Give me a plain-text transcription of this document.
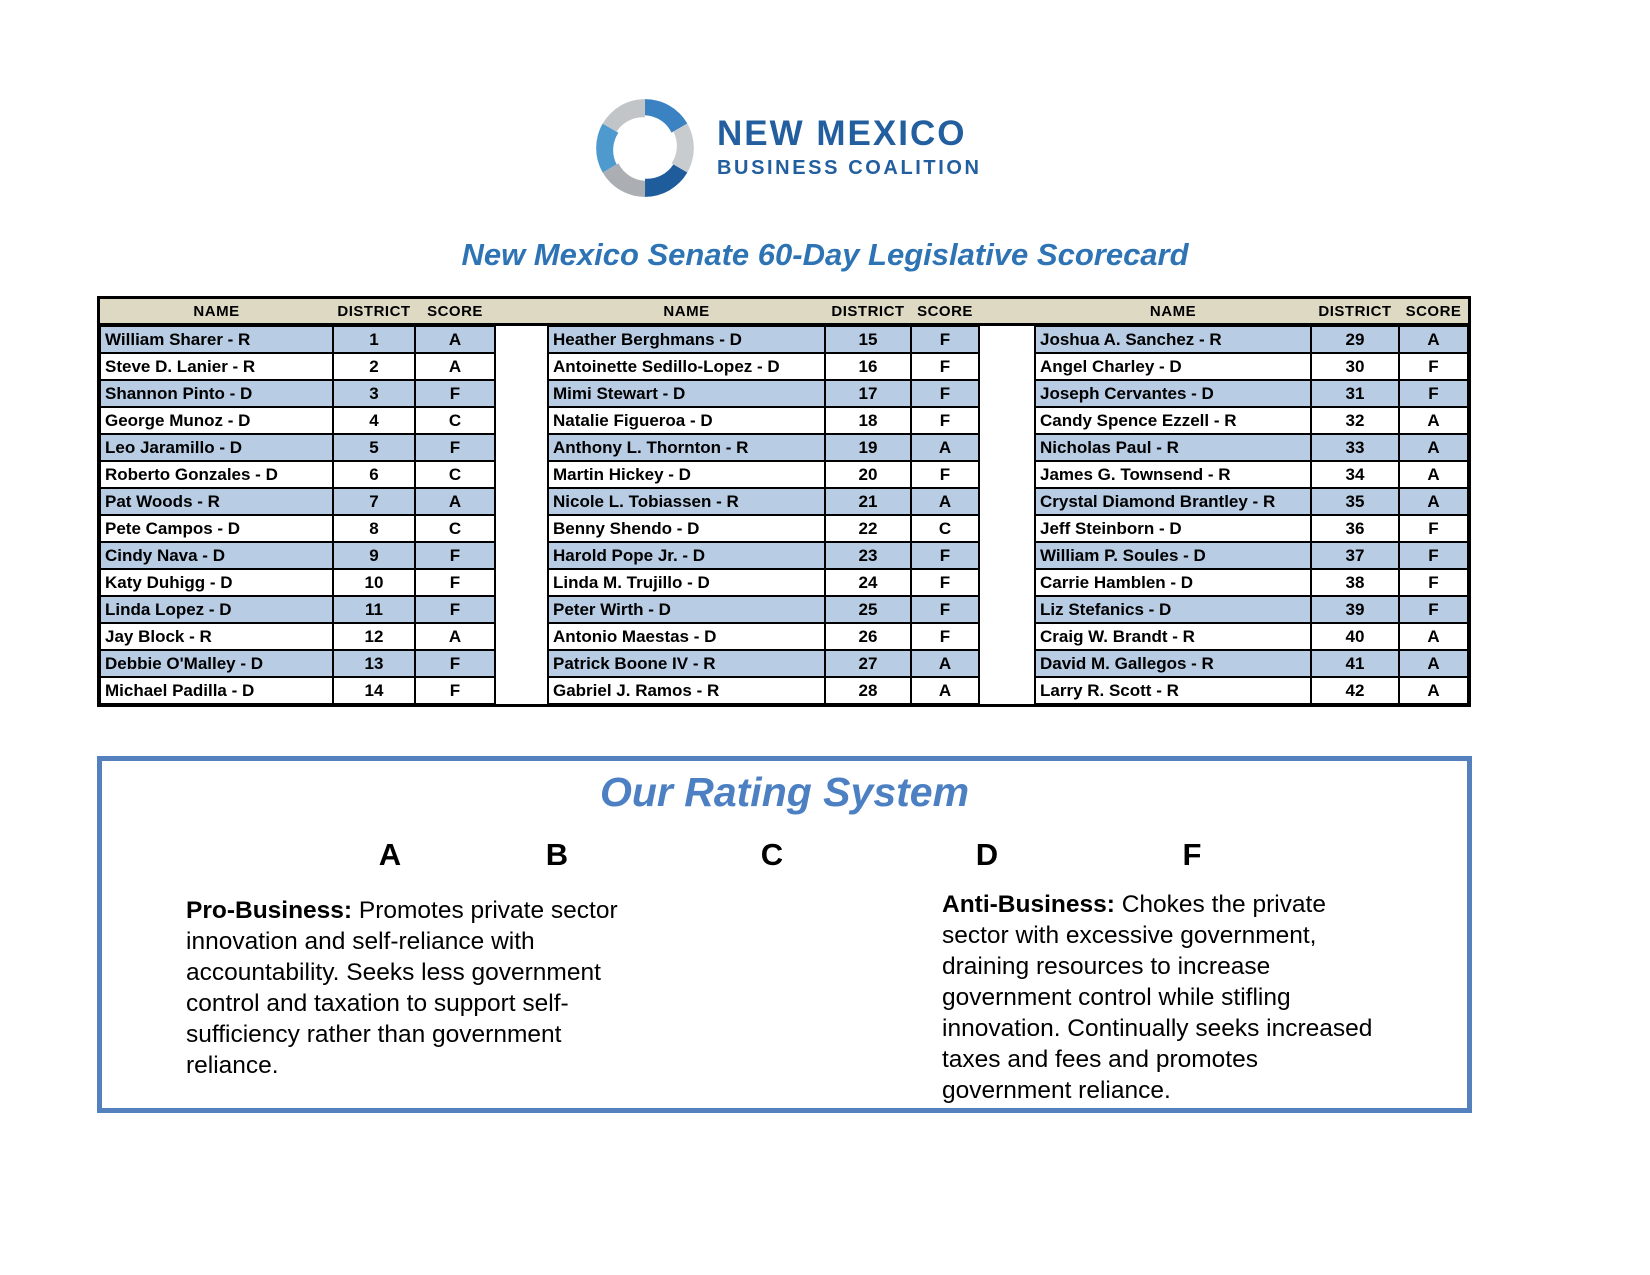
NEW MEXICO
BUSINESS COALITION
New Mexico Senate 60-Day Legislative Scorecard
NAME	DISTRICT	SCORE	NAME	DISTRICT SCORE	NAME	DISTRICT SCORE
William Sharer - R	1	A	Heather Berghmans - D	15	F	Joshua A. Sanchez - R	29	A
Steve D. Lanier - R	2	A	Antoinette Sedillo-Lopez - D	16	F	Angel Charley - D	30	F
Shannon Pinto - D	3	F	Mimi Stewart - D	17	F	Joseph Cervantes - D	31	F
George Munoz - D	4	C	Natalie Figueroa - D	18	F	Candy Spence Ezzell - R	32	A
Leo Jaramillo - D	5	F	Anthony L. Thornton - R	19	A	Nicholas Paul - R	33	A
Roberto Gonzales - D	6	C	Martin Hickey - D	20	F	James G. Townsend - R	34	A
Pat Woods - R	7	A	Nicole L. Tobiassen - R	21	A	Crystal Diamond Brantley - R	35	A
Pete Campos - D	8	C	Benny Shendo - D	22	C	Jeff Steinborn - D	36	F
Cindy Nava - D	9	F	Harold Pope Jr. - D	23	F	William P. Soules - D	37	F
Katy Duhigg - D	10	F	Linda M. Trujillo - D	24	F	Carrie Hamblen - D	38	F
Linda Lopez - D	11	F	Peter Wirth - D	25	F	Liz Stefanics - D	39	F
Jay Block - R	12	A	Antonio Maestas - D	26	F	Craig W. Brandt - R	40	A
Debbie O'Malley - D	13	F	Patrick Boone IV - R	27	A	David M. Gallegos - R	41	A
Michael Padilla - D	14	F	Gabriel J. Ramos - R	28	A	Larry R. Scott - R	42	A
Our Rating System
A	B	C	D	F
Pro-Business: Promotes private sector innovation and self-reliance with accountability. Seeks less government control and taxation to support self-sufficiency rather than government reliance.
Anti-Business: Chokes the private sector with excessive government, draining resources to increase government control while stifling innovation. Continually seeks increased taxes and fees and promotes government reliance.
